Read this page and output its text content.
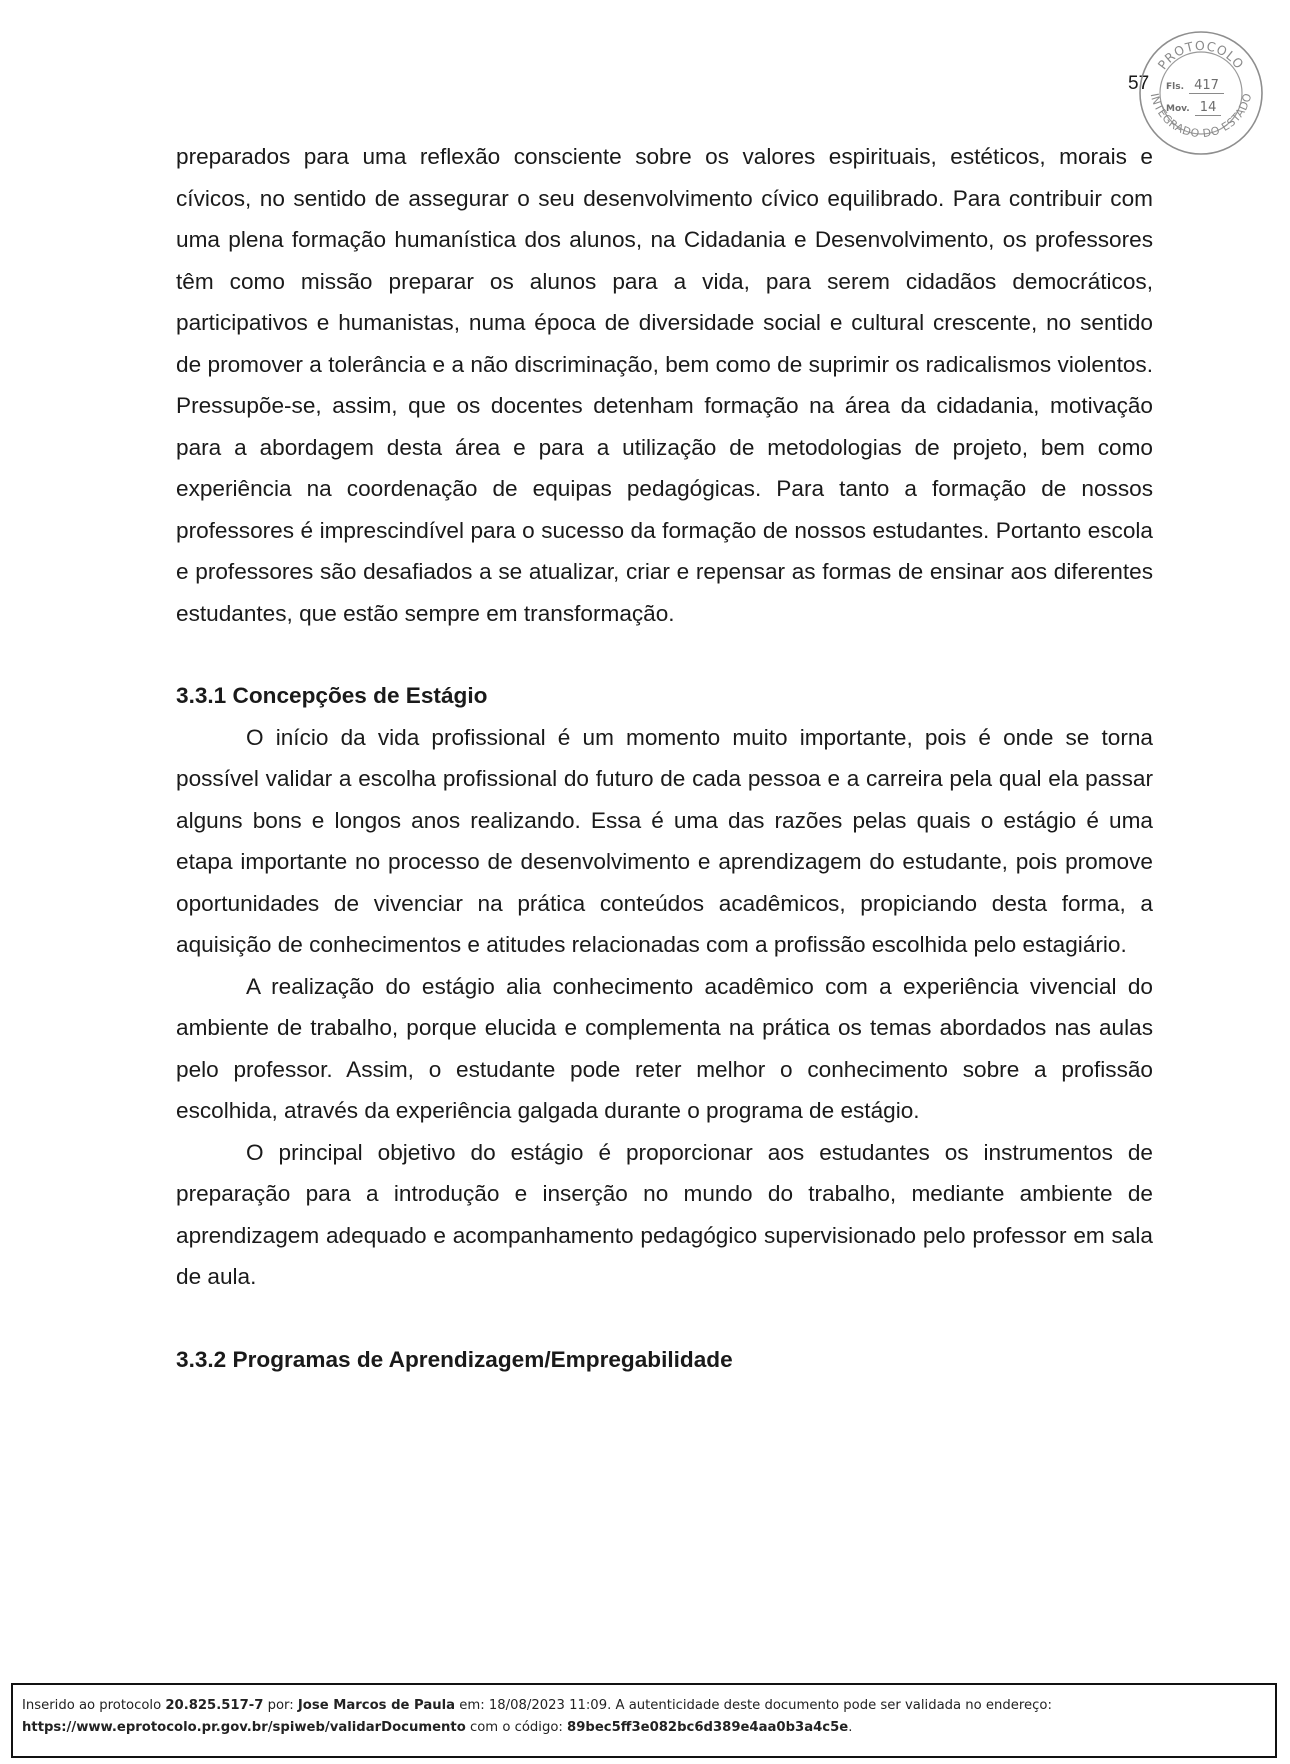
57
PROTOCOLO
INTEGRADO DO ESTADO
Fls. 417
Mov. 14

preparados para uma reflexão consciente sobre os valores espirituais, estéticos, morais e cívicos, no sentido de assegurar o seu desenvolvimento cívico equilibrado. Para contribuir com uma plena formação humanística dos alunos, na Cidadania e Desenvolvimento, os professores têm como missão preparar os alunos para a vida, para serem cidadãos democráticos, participativos e humanistas, numa época de diversidade social e cultural crescente, no sentido de promover a tolerância e a não discriminação, bem como de suprimir os radicalismos violentos. Pressupõe-se, assim, que os docentes detenham formação na área da cidadania, motivação para a abordagem desta área e para a utilização de metodologias de projeto, bem como experiência na coordenação de equipas pedagógicas. Para tanto a formação de nossos professores é imprescindível para o sucesso da formação de nossos estudantes. Portanto escola e professores são desafiados a se atualizar, criar e repensar as formas de ensinar aos diferentes estudantes, que estão sempre em transformação.

3.3.1 Concepções de Estágio

O início da vida profissional é um momento muito importante, pois é onde se torna possível validar a escolha profissional do futuro de cada pessoa e a carreira pela qual ela passar alguns bons e longos anos realizando. Essa é uma das razões pelas quais o estágio é uma etapa importante no processo de desenvolvimento e aprendizagem do estudante, pois promove oportunidades de vivenciar na prática conteúdos acadêmicos, propiciando desta forma, a aquisição de conhecimentos e atitudes relacionadas com a profissão escolhida pelo estagiário.

A realização do estágio alia conhecimento acadêmico com a experiência vivencial do ambiente de trabalho, porque elucida e complementa na prática os temas abordados nas aulas pelo professor. Assim, o estudante pode reter melhor o conhecimento sobre a profissão escolhida, através da experiência galgada durante o programa de estágio.

O principal objetivo do estágio é proporcionar aos estudantes os instrumentos de preparação para a introdução e inserção no mundo do trabalho, mediante ambiente de aprendizagem adequado e acompanhamento pedagógico supervisionado pelo professor em sala de aula.

3.3.2 Programas de Aprendizagem/Empregabilidade
Inserido ao protocolo 20.825.517-7 por: Jose Marcos de Paula em: 18/08/2023 11:09. A autenticidade deste documento pode ser validada no endereço:
https://www.eprotocolo.pr.gov.br/spiweb/validarDocumento com o código: 89bec5ff3e082bc6d389e4aa0b3a4c5e.
